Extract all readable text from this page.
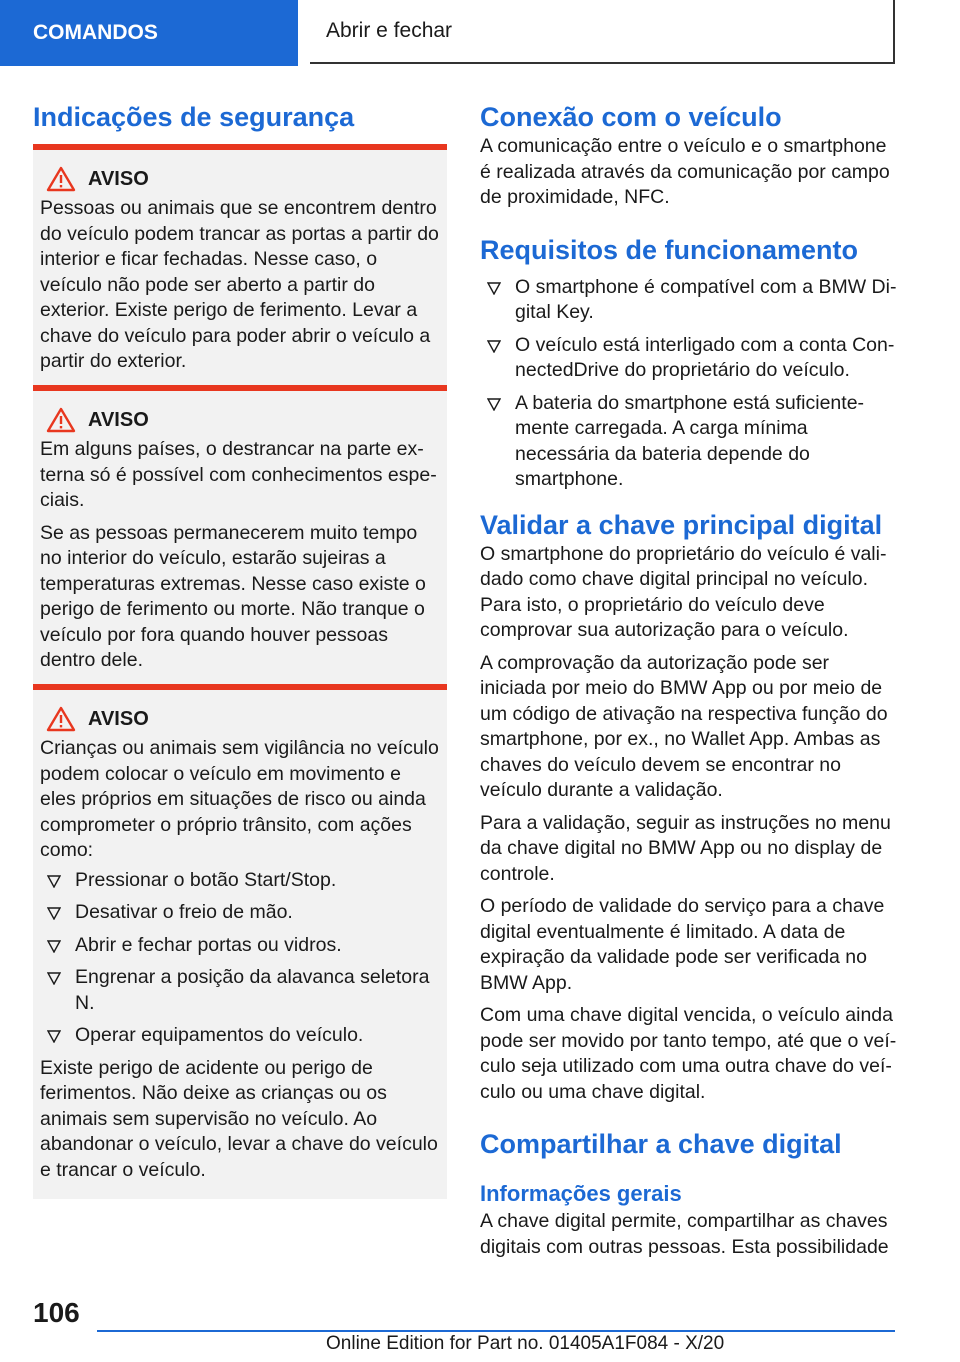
COMANDOS	Abrir e fechar
Indicações de segurança
AVISO

Pessoas ou animais que se encontrem dentro do veículo podem trancar as portas a partir do interior e ficar fechadas. Nesse caso, o veículo não pode ser aberto a partir do exterior. Existe perigo de ferimento. Levar a chave do veículo para poder abrir o veículo a partir do exterior.

AVISO

Em alguns países, o destrancar na parte externa só é possível com conhecimentos especiais.

Se as pessoas permanecerem muito tempo no interior do veículo, estarão sujeiras a temperaturas extremas. Nesse caso existe o perigo de ferimento ou morte. Não tranque o veículo por fora quando houver pessoas dentro dele.

AVISO

Crianças ou animais sem vigilância no veículo podem colocar o veículo em movimento e eles próprios em situações de risco ou ainda comprometer o próprio trânsito, com ações como:

Pressionar o botão Start/Stop.
Desativar o freio de mão.
Abrir e fechar portas ou vidros.
Engrenar a posição da alavanca seletora N.
Operar equipamentos do veículo.

Existe perigo de acidente ou perigo de ferimentos. Não deixe as crianças ou os animais sem supervisão no veículo. Ao abandonar o veículo, levar a chave do veículo e trancar o veículo.

Conexão com o veículo

A comunicação entre o veículo e o smartphone é realizada através da comunicação por campo de proximidade, NFC.

Requisitos de funcionamento
O smartphone é compatível com a BMW Digital Key.
O veículo está interligado com a conta ConnectedDrive do proprietário do veículo.
A bateria do smartphone está suficientemente carregada. A carga mínima necessária da bateria depende do smartphone.
Validar a chave principal digital

O smartphone do proprietário do veículo é validado como chave digital principal no veículo. Para isto, o proprietário do veículo deve comprovar sua autorização para o veículo.

A comprovação da autorização pode ser iniciada por meio do BMW App ou por meio de um código de ativação na respectiva função do smartphone, por ex., no Wallet App. Ambas as chaves do veículo devem se encontrar no veículo durante a validação.

Para a validação, seguir as instruções no menu da chave digital no BMW App ou no display de controle.

O período de validade do serviço para a chave digital eventualmente é limitado. A data de expiração da validade pode ser verificada no BMW App.

Com uma chave digital vencida, o veículo ainda pode ser movido por tanto tempo, até que o veículo seja utilizado com uma outra chave do veículo ou uma chave digital.

Compartilhar a chave digital
Informações gerais

A chave digital permite, compartilhar as chaves digitais com outras pessoas. Esta possibilidade

106
Online Edition for Part no. 01405A1F084 - X/20
